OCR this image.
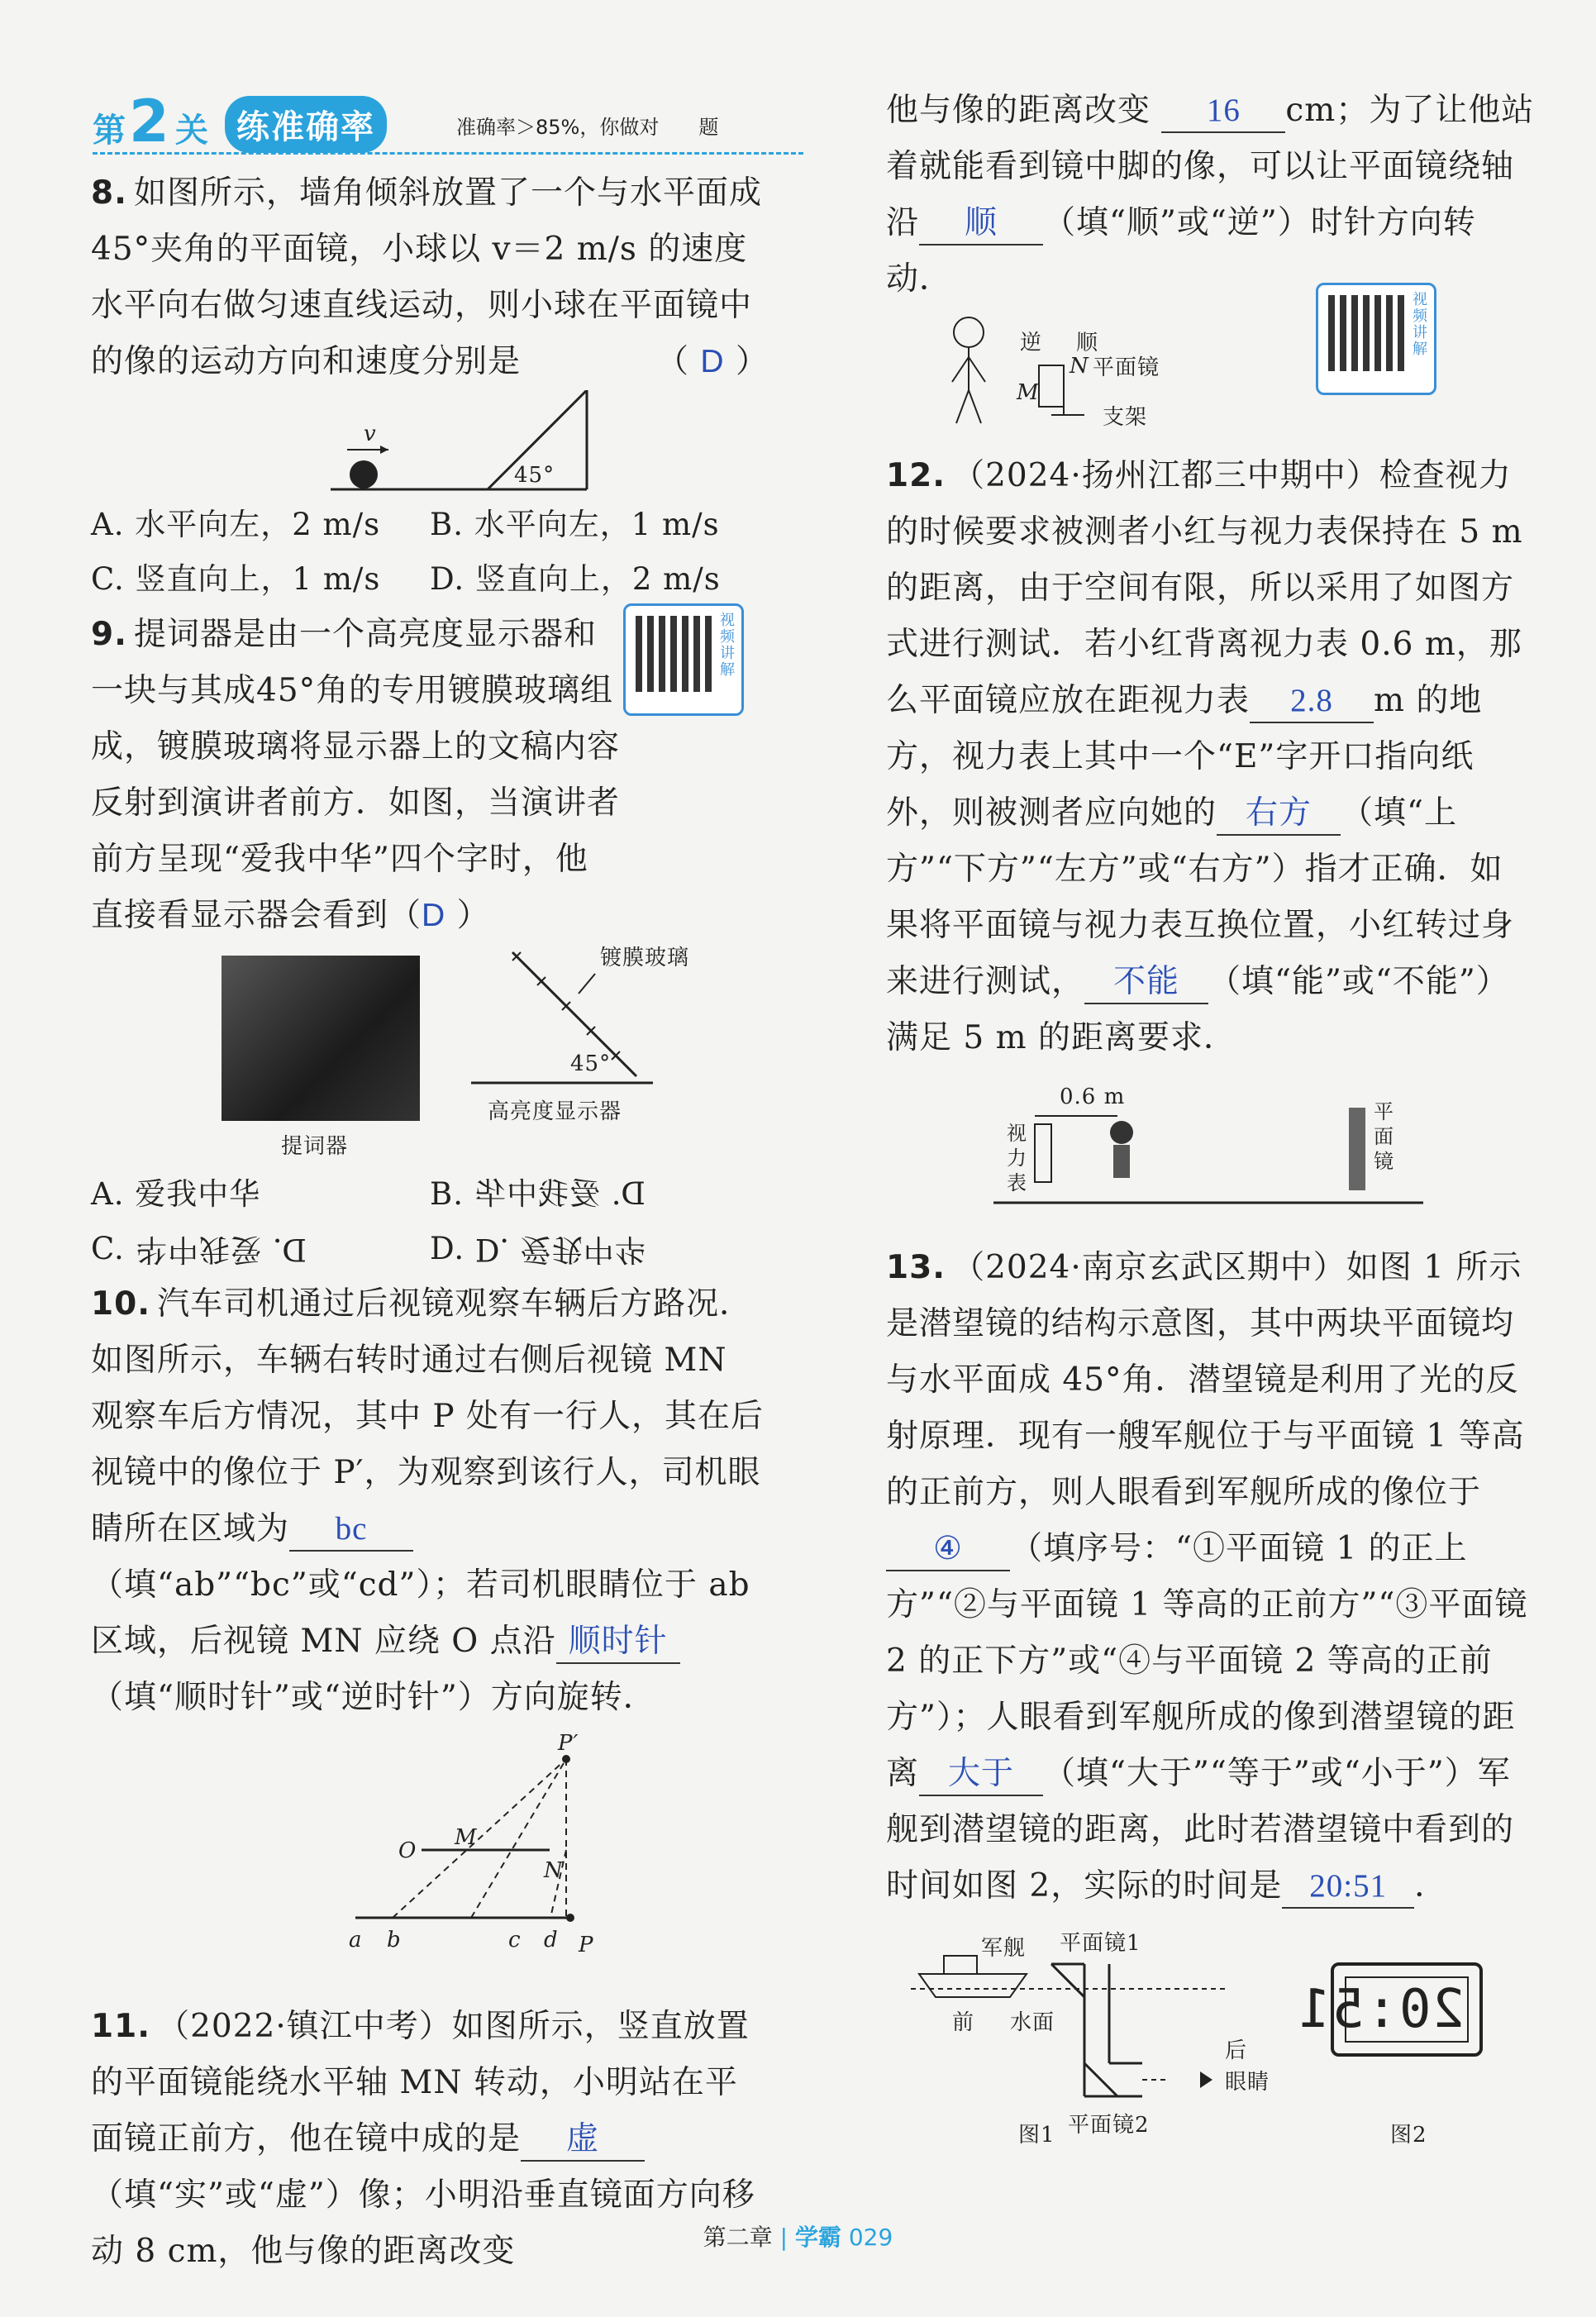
第 2 关 练准确率	准确率＞85%，你做对　　题

8. 如图所示，墙角倾斜放置了一个与水平面成45°夹角的平面镜，小球以 v＝2 m/s 的速度水平向右做匀速直线运动，则小球在平面镜中的像的运动方向和速度分别是	（ D ）
v
45°
A. 水平向左，2 m/s	B. 水平向左，1 m/s
C. 竖直向上，1 m/s	D. 竖直向上，2 m/s
视频讲解

9. 提词器是由一个高亮度显示器和一块与其成45°角的专用镀膜玻璃组成，镀膜玻璃将显示器上的文稿内容反射到演讲者前方．如图，当演讲者前方呈现“爱我中华”四个字时，他直接看显示器会看到（D ）

提词器
镀膜玻璃
45°
高亮度显示器
A. 爱我中华	B. D. 爱我中华
C. D. 爱我中华	D. D. 爱我中华

10. 汽车司机通过后视镜观察车辆后方路况．如图所示，车辆右转时通过右侧后视镜 MN 观察车后方情况，其中 P 处有一行人，其在后视镜中的像位于 P′，为观察到该行人，司机眼睛所在区域为 bc（填“ab”“bc”或“cd”）；若司机眼睛位于 ab 区域，后视镜 MN 应绕 O 点沿 顺时针（填“顺时针”或“逆时针”）方向旋转．

P′
O
M
N
a b	c d P

11. （2022·镇江中考）如图所示，竖直放置的平面镜能绕水平轴 MN 转动，小明站在平面镜正前方，他在镜中成的是 虚（填“实”或“虚”）像；小明沿垂直镜面方向移动 8 cm，他与像的距离改变

他与像的距离改变 16 cm；为了让他站着就能看到镜中脚的像，可以让平面镜绕轴沿 顺 （填“顺”或“逆”）时针方向转动．

逆 顺
平面镜
M
N
支架
视频讲解

12. （2024·扬州江都三中期中）检查视力的时候要求被测者小红与视力表保持在 5 m 的距离，由于空间有限，所以采用了如图方式进行测试．若小红背离视力表 0.6 m，那么平面镜应放在距视力表 2.8 m 的地方，视力表上其中一个“E”字开口指向纸外，则被测者应向她的 右方 （填“上方”“下方”“左方”或“右方”）指才正确．如果将平面镜与视力表互换位置，小红转过身来进行测试， 不能 （填“能”或“不能”）满足 5 m 的距离要求．

0.6 m
视力表
平面镜

13. （2024·南京玄武区期中）如图 1 所示是潜望镜的结构示意图，其中两块平面镜均与水平面成 45°角．潜望镜是利用了光的反射原理．现有一艘军舰位于与平面镜 1 等高的正前方，则人眼看到军舰所成的像位于④ （填序号：“①平面镜 1 的正上方”“②与平面镜 1 等高的正前方”“③平面镜 2 的正下方”或“④与平面镜 2 等高的正前方”）；人眼看到军舰所成的像到潜望镜的距离 大于 （填“大于”“等于”或“小于”）军舰到潜望镜的距离，此时若潜望镜中看到的时间如图 2，实际的时间是 20:51 ．

军舰 平面镜1
前 水面
后
眼睛
平面镜2
图1	图2
20:51
第二章 | 学霸 029
